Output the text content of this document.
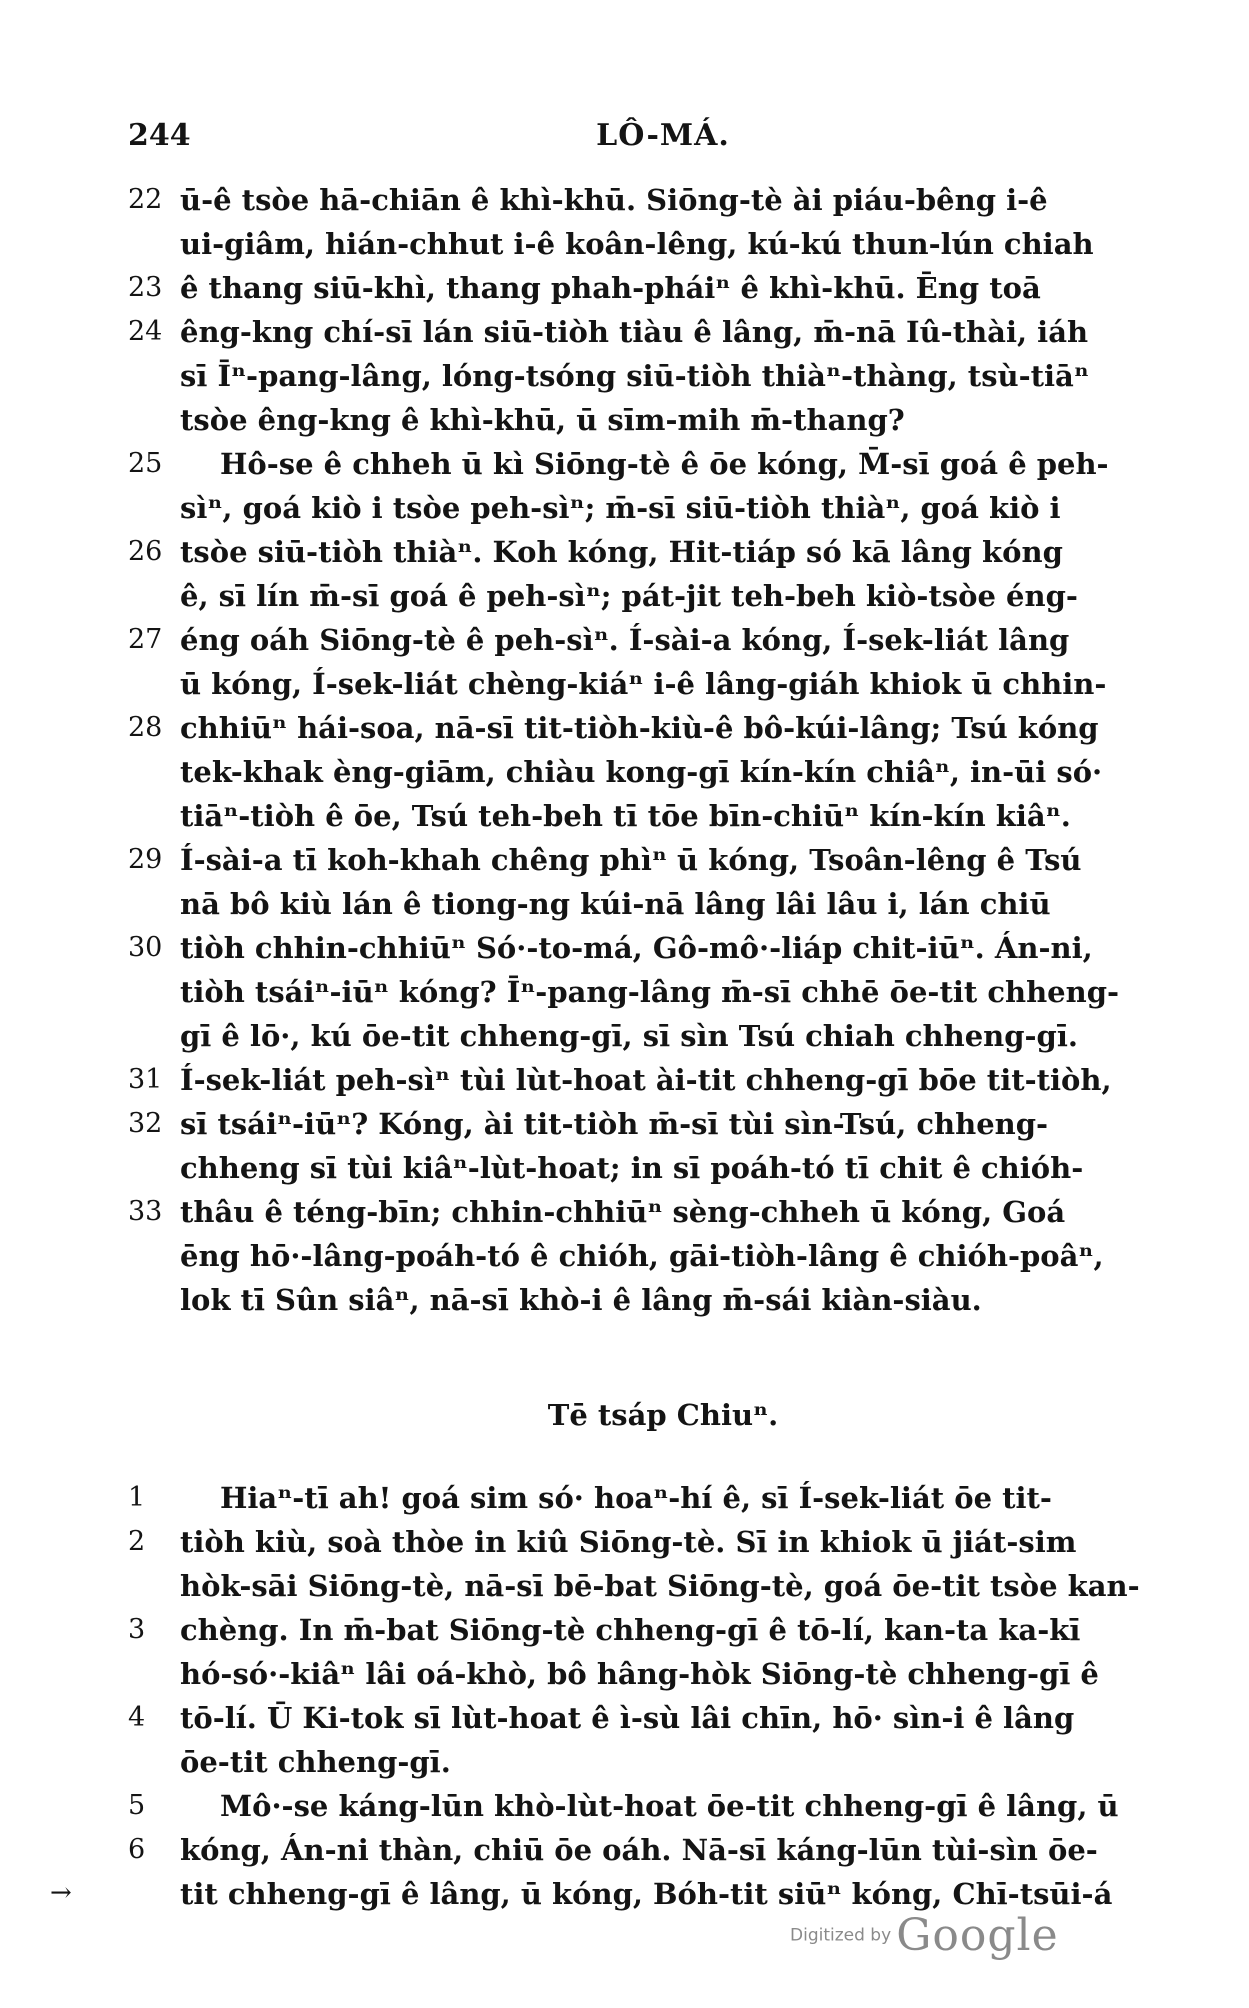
244	LÔ-MÁ.
22 ū-ê tsòe hā-chiān ê khì-khū. Siōng-tè ài piáu-bêng i-ê
ui-giâm, hián-chhut i-ê koân-lêng, kú-kú thun-lún chiah
23 ê thang siū-khì, thang phah-pháiⁿ ê khì-khū. Ēng toā
24 êng-kng chí-sī lán siū-tiòh tiàu ê lâng, m̄-nā Iû-thài, iáh
sī Īⁿ-pang-lâng, lóng-tsóng siū-tiòh thiàⁿ-thàng, tsù-tiāⁿ
tsòe êng-kng ê khì-khū, ū sīm-mih m̄-thang?
25	Hô-se ê chheh ū kì Siōng-tè ê ōe kóng, M̄-sī goá ê peh-
sìⁿ, goá kiò i tsòe peh-sìⁿ; m̄-sī siū-tiòh thiàⁿ, goá kiò i
26 tsòe siū-tiòh thiàⁿ. Koh kóng, Hit-tiáp só kā lâng kóng
ê, sī lín m̄-sī goá ê peh-sìⁿ; pát-jit teh-beh kiò-tsòe éng-
27 éng oáh Siōng-tè ê peh-sìⁿ. Í-sài-a kóng, Í-sek-liát lâng
ū kóng, Í-sek-liát chèng-kiáⁿ i-ê lâng-giáh khiok ū chhin-
28 chhiūⁿ hái-soa, nā-sī tit-tiòh-kiù-ê bô-kúi-lâng; Tsú kóng
tek-khak èng-giām, chiàu kong-gī kín-kín chiâⁿ, in-ūi só·
tiāⁿ-tiòh ê ōe, Tsú teh-beh tī tōe bīn-chiūⁿ kín-kín kiâⁿ.
29 Í-sài-a tī koh-khah chêng phìⁿ ū kóng, Tsoân-lêng ê Tsú
nā bô kiù lán ê tiong-ng kúi-nā lâng lâi lâu i, lán chiū
30 tiòh chhin-chhiūⁿ Só·-to-má, Gô-mô·-liáp chit-iūⁿ. Án-ni,
tiòh tsáiⁿ-iūⁿ kóng? Īⁿ-pang-lâng m̄-sī chhē ōe-tit chheng-
gī ê lō·, kú ōe-tit chheng-gī, sī sìn Tsú chiah chheng-gī.
31 Í-sek-liát peh-sìⁿ tùi lùt-hoat ài-tit chheng-gī bōe tit-tiòh,
32 sī tsáiⁿ-iūⁿ? Kóng, ài tit-tiòh m̄-sī tùi sìn-Tsú, chheng-
chheng sī tùi kiâⁿ-lùt-hoat; in sī poáh-tó tī chit ê chióh-
33 thâu ê téng-bīn; chhin-chhiūⁿ sèng-chheh ū kóng, Goá
ēng hō·-lâng-poáh-tó ê chióh, gāi-tiòh-lâng ê chióh-poâⁿ,
lok tī Sûn siâⁿ, nā-sī khò-i ê lâng m̄-sái kiàn-siàu.
Tē tsáp Chiuⁿ.
1	Hiaⁿ-tī ah! goá sim só· hoaⁿ-hí ê, sī Í-sek-liát ōe tit-
2	tiòh kiù, soà thòe in kiû Siōng-tè. Sī in khiok ū jiát-sim
hòk-sāi Siōng-tè, nā-sī bē-bat Siōng-tè, goá ōe-tit tsòe kan-
3	chèng. In m̄-bat Siōng-tè chheng-gī ê tō-lí, kan-ta ka-kī
hó-só·-kiâⁿ lâi oá-khò, bô hâng-hòk Siōng-tè chheng-gī ê
4	tō-lí. Ū Ki-tok sī lùt-hoat ê ì-sù lâi chīn, hō· sìn-i ê lâng
ōe-tit chheng-gī.
5	Mô·-se káng-lūn khò-lùt-hoat ōe-tit chheng-gī ê lâng, ū
6	kóng, Án-ni thàn, chiū ōe oáh. Nā-sī káng-lūn tùi-sìn ōe-
tit chheng-gī ê lâng, ū kóng, Bóh-tit siūⁿ kóng, Chī-tsūi-á
→
Digitized by Google
